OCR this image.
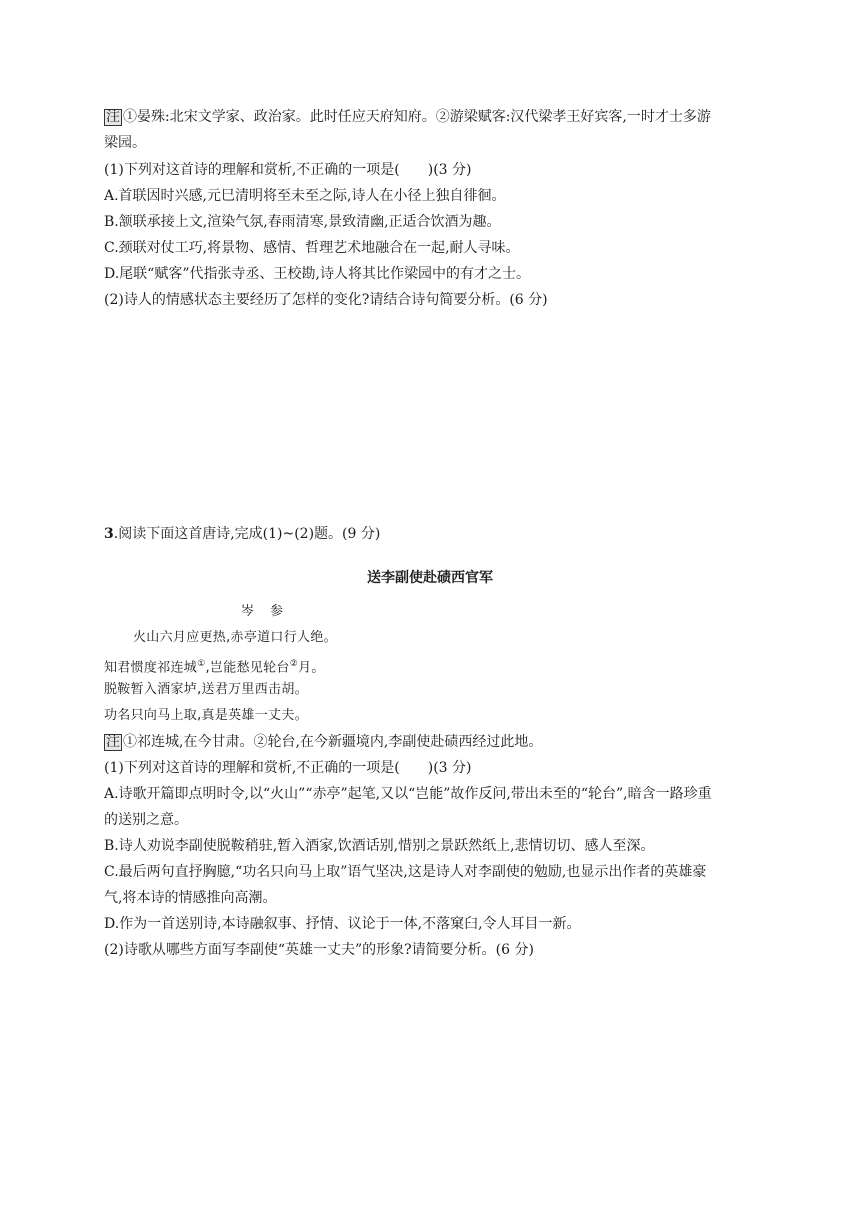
注 ①晏殊:北宋文学家、政治家。此时任应天府知府。②游梁赋客:汉代梁孝王好宾客,一时才士多游
梁园。
(1)下列对这首诗的理解和赏析,不正确的一项是(　　)(3 分)
A.首联因时兴感,元巳清明将至未至之际,诗人在小径上独自徘徊。
B.颔联承接上文,渲染气氛,春雨清寒,景致清幽,正适合饮酒为趣。
C.颈联对仗工巧,将景物、感情、哲理艺术地融合在一起,耐人寻味。
D.尾联“赋客”代指张寺丞、王校勘,诗人将其比作梁园中的有才之士。
(2)诗人的情感状态主要经历了怎样的变化?请结合诗句简要分析。(6 分)
3.阅读下面这首唐诗,完成(1)~(2)题。(9 分)
送李副使赴碛西官军
岑参
火山六月应更热,赤亭道口行人绝。
知君惯度祁连城①,岂能愁见轮台②月。
脱鞍暂入酒家垆,送君万里西击胡。
功名只向马上取,真是英雄一丈夫。
注 ①祁连城,在今甘肃。②轮台,在今新疆境内,李副使赴碛西经过此地。
(1)下列对这首诗的理解和赏析,不正确的一项是(　　)(3 分)
A.诗歌开篇即点明时令,以“火山”“赤亭”起笔,又以“岂能”故作反问,带出未至的“轮台”,暗含一路珍重
的送别之意。
B.诗人劝说李副使脱鞍稍驻,暂入酒家,饮酒话别,惜别之景跃然纸上,悲情切切、感人至深。
C.最后两句直抒胸臆,“功名只向马上取”语气坚决,这是诗人对李副使的勉励,也显示出作者的英雄豪
气,将本诗的情感推向高潮。
D.作为一首送别诗,本诗融叙事、抒情、议论于一体,不落窠臼,令人耳目一新。
(2)诗歌从哪些方面写李副使“英雄一丈夫”的形象?请简要分析。(6 分)
